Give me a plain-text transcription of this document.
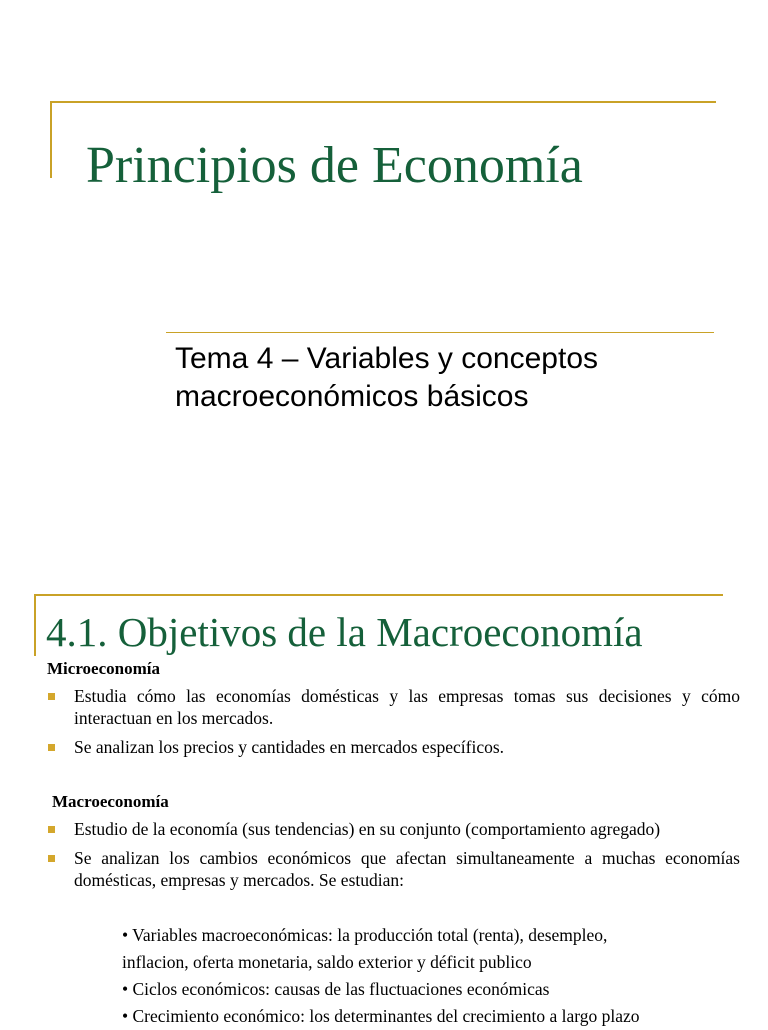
Principios de Economía
Tema 4 – Variables y conceptos
macroeconómicos básicos
4.1. Objetivos de la Macroeconomía

Microeconomía

Estudia cómo las economías domésticas y las empresas tomas sus decisiones y cómo interactuan en los mercados.
Se analizan los precios y cantidades en mercados específicos.

Macroeconomía

Estudio de la economía (sus tendencias) en su conjunto (comportamiento agregado)
Se analizan los cambios económicos que afectan simultaneamente a muchas economías domésticas, empresas y mercados. Se estudian:
• Variables macroeconómicas: la producción total (renta), desempleo,
inflacion, oferta monetaria, saldo exterior y déficit publico
• Ciclos económicos: causas de las fluctuaciones económicas
• Crecimiento económico: los determinantes del crecimiento a largo plazo
